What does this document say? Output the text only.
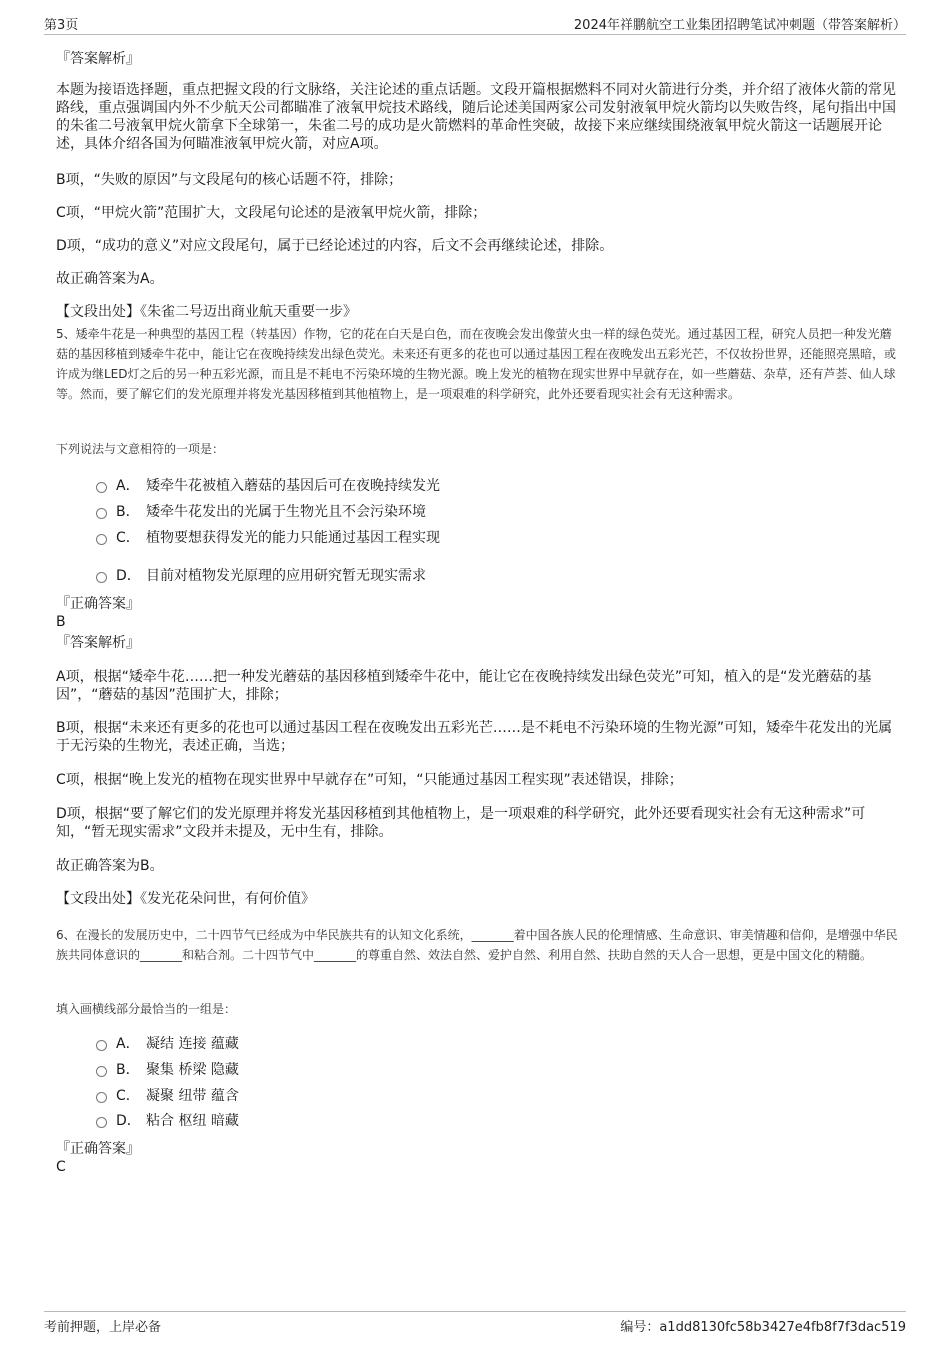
第3页	2024年祥鹏航空工业集团招聘笔试冲刺题（带答案解析）
『答案解析』
本题为接语选择题，重点把握文段的行文脉络，关注论述的重点话题。文段开篇根据燃料不同对火箭进行分类，并介绍了液体火箭的常见路线，重点强调国内外不少航天公司都瞄准了液氧甲烷技术路线，随后论述美国两家公司发射液氧甲烷火箭均以失败告终，尾句指出中国的朱雀二号液氧甲烷火箭拿下全球第一，朱雀二号的成功是火箭燃料的革命性突破，故接下来应继续围绕液氧甲烷火箭这一话题展开论述，具体介绍各国为何瞄准液氧甲烷火箭，对应A项。
B项，“失败的原因”与文段尾句的核心话题不符，排除；
C项，“甲烷火箭”范围扩大，文段尾句论述的是液氧甲烷火箭，排除；
D项，“成功的意义”对应文段尾句，属于已经论述过的内容，后文不会再继续论述，排除。
故正确答案为A。
【文段出处】《朱雀二号迈出商业航天重要一步》
5、矮牵牛花是一种典型的基因工程（转基因）作物，它的花在白天是白色，而在夜晚会发出像萤火虫一样的绿色荧光。通过基因工程，研究人员把一种发光蘑菇的基因移植到矮牵牛花中，能让它在夜晚持续发出绿色荧光。未来还有更多的花也可以通过基因工程在夜晚发出五彩光芒，不仅妆扮世界，还能照亮黑暗，或许成为继LED灯之后的另一种五彩光源，而且是不耗电不污染环境的生物光源。晚上发光的植物在现实世界中早就存在，如一些蘑菇、杂草，还有芦荟、仙人球等。然而，要了解它们的发光原理并将发光基因移植到其他植物上，是一项艰难的科学研究，此外还要看现实社会有无这种需求。
下列说法与文意相符的一项是：
A． 矮牵牛花被植入蘑菇的基因后可在夜晚持续发光
B． 矮牵牛花发出的光属于生物光且不会污染环境
C． 植物要想获得发光的能力只能通过基因工程实现
D． 目前对植物发光原理的应用研究暂无现实需求
『正确答案』
B
『答案解析』
A项，根据“矮牵牛花……把一种发光蘑菇的基因移植到矮牵牛花中，能让它在夜晚持续发出绿色荧光”可知，植入的是“发光蘑菇的基因”，“蘑菇的基因”范围扩大，排除；
B项，根据“未来还有更多的花也可以通过基因工程在夜晚发出五彩光芒……是不耗电不污染环境的生物光源”可知，矮牵牛花发出的光属于无污染的生物光，表述正确，当选；
C项，根据“晚上发光的植物在现实世界中早就存在”可知，“只能通过基因工程实现”表述错误，排除；
D项，根据“要了解它们的发光原理并将发光基因移植到其他植物上，是一项艰难的科学研究，此外还要看现实社会有无这种需求”可知，“暂无现实需求”文段并未提及，无中生有，排除。
故正确答案为B。
【文段出处】《发光花朵问世，有何价值》
6、在漫长的发展历史中，二十四节气已经成为中华民族共有的认知文化系统，_______着中国各族人民的伦理情感、生命意识、审美情趣和信仰，是增强中华民族共同体意识的_______和粘合剂。二十四节气中_______的尊重自然、效法自然、爱护自然、利用自然、扶助自然的天人合一思想，更是中国文化的精髓。
填入画横线部分最恰当的一组是：
A． 凝结 连接 蕴藏
B． 聚集 桥梁 隐藏
C． 凝聚 纽带 蕴含
D． 粘合 枢纽 暗藏
『正确答案』
C
考前押题，上岸必备	编号：a1dd8130fc58b3427e4fb8f7f3dac519
